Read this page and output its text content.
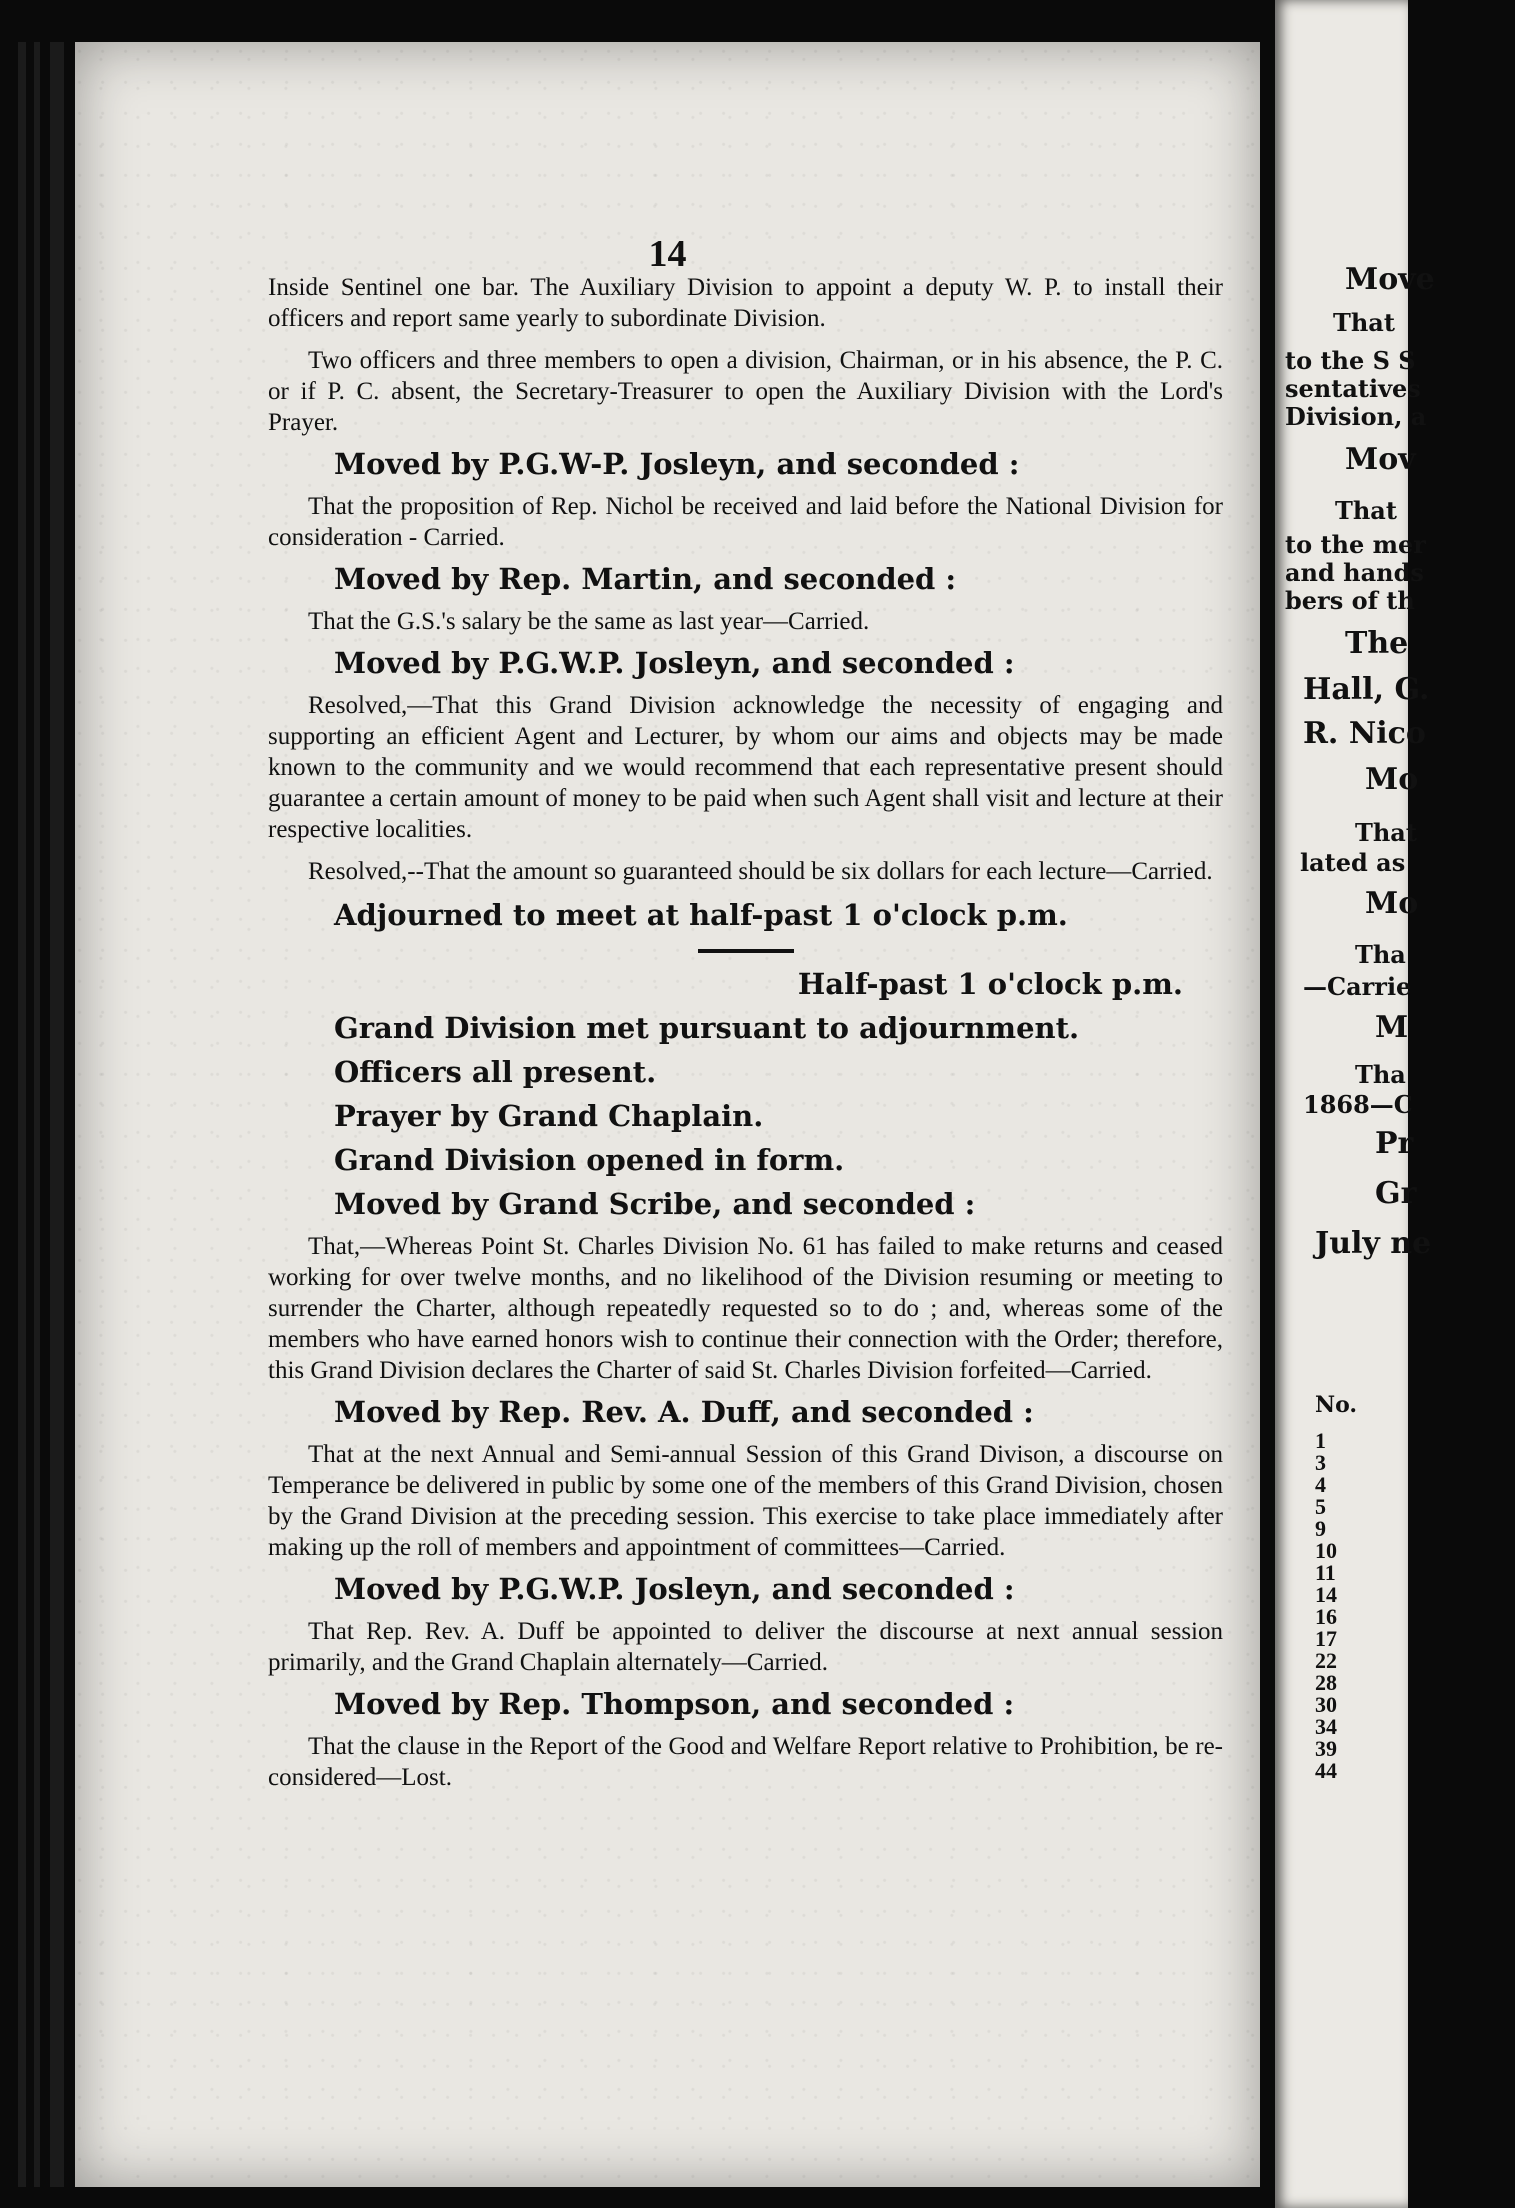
14

Inside Sentinel one bar. The Auxiliary Division to appoint a deputy W. P. to install their officers and report same yearly to subordinate Division.

Two officers and three members to open a division, Chairman, or in his absence, the P. C. or if P. C. absent, the Secretary-Treasurer to open the Auxiliary Division with the Lord's Prayer.

Moved by P.G.W-P. Josleyn, and seconded :

That the proposition of Rep. Nichol be received and laid before the National Division for consideration - Carried.

Moved by Rep. Martin, and seconded :

That the G.S.'s salary be the same as last year—Carried.

Moved by P.G.W.P. Josleyn, and seconded :

Resolved,—That this Grand Division acknowledge the necessity of engaging and supporting an efficient Agent and Lecturer, by whom our aims and objects may be made known to the community and we would recommend that each representative present should guarantee a certain amount of money to be paid when such Agent shall visit and lecture at their respective localities.

Resolved,--That the amount so guaranteed should be six dollars for each lecture—Carried.

Adjourned to meet at half-past 1 o'clock p.m.
Half-past 1 o'clock p.m.
Grand Division met pursuant to adjournment.
Officers all present.
Prayer by Grand Chaplain.
Grand Division opened in form.
Moved by Grand Scribe, and seconded :

That,—Whereas Point St. Charles Division No. 61 has failed to make returns and ceased working for over twelve months, and no likelihood of the Division resuming or meeting to surrender the Charter, although repeatedly requested so to do ; and, whereas some of the members who have earned honors wish to continue their connection with the Order; therefore, this Grand Division declares the Charter of said St. Charles Division forfeited—Carried.

Moved by Rep. Rev. A. Duff, and seconded :

That at the next Annual and Semi-annual Session of this Grand Divison, a discourse on Temperance be delivered in public by some one of the members of this Grand Division, chosen by the Grand Division at the preceding session. This exercise to take place immediately after making up the roll of members and appointment of committees—Carried.

Moved by P.G.W.P. Josleyn, and seconded :

That Rep. Rev. A. Duff be appointed to deliver the discourse at next annual session primarily, and the Grand Chaplain alternately—Carried.

Moved by Rep. Thompson, and seconded :

That the clause in the Report of the Good and Welfare Report relative to Prohibition, be re-considered—Lost.

Move
That
to the S S
sentatives
Division, a
Mov
That
to the mer
and hands
bers of th
The
Hall, G.
R. Nico
Mo
That
lated as
Mo
Tha
—Carrie
M
Tha
1868—C
Pr
Gr
July ne
No.
1
3
4
5
9
10
11
14
16
17
22
28
30
34
39
44
